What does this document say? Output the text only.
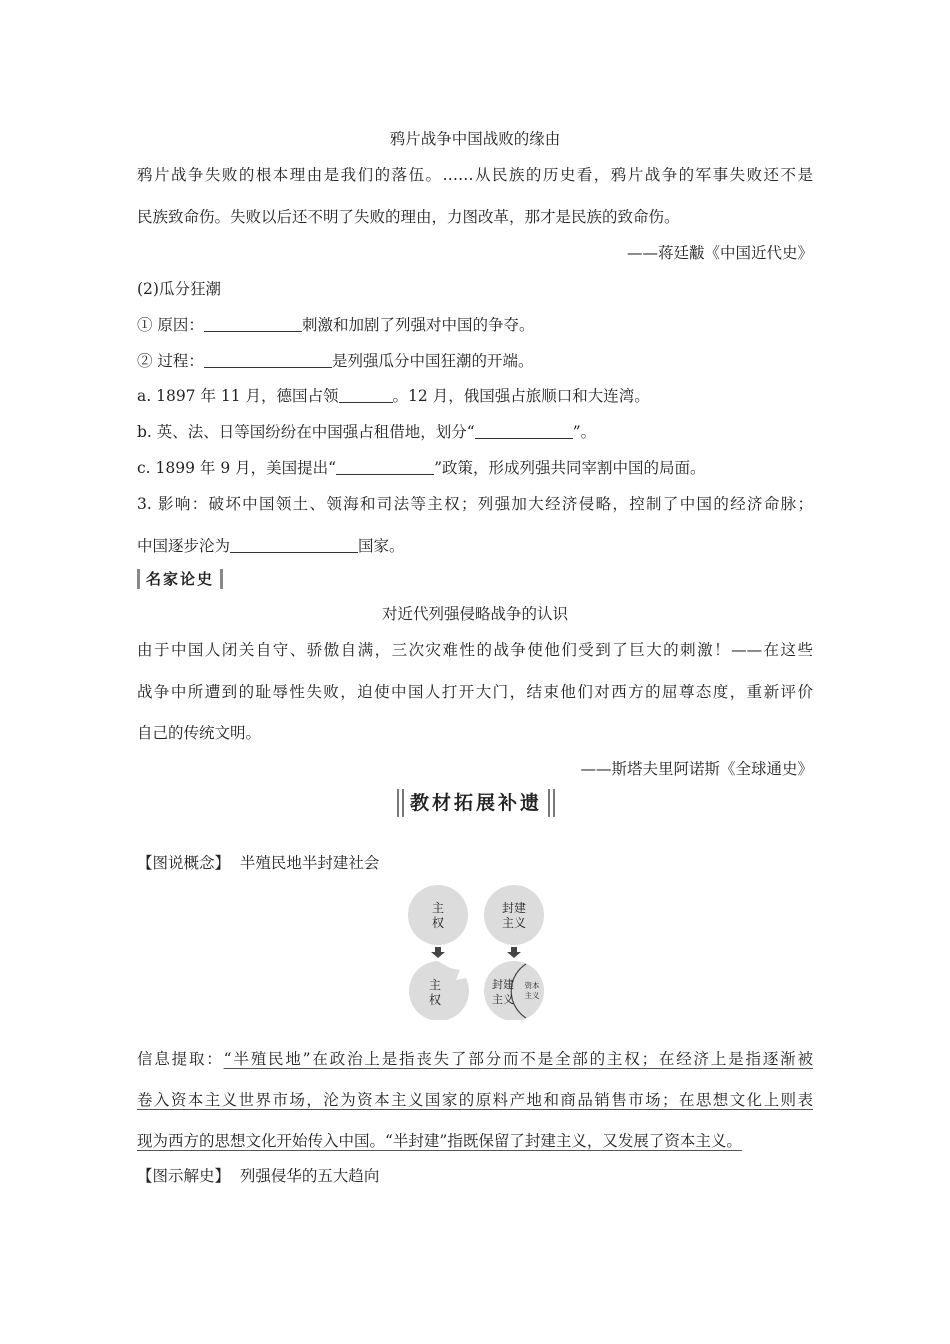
鸦片战争中国战败的缘由
鸦片战争失败的根本理由是我们的落伍。……从民族的历史看，鸦片战争的军事失败还不是
民族致命伤。失败以后还不明了失败的理由，力图改革，那才是民族的致命伤。
——蒋廷黻《中国近代史》
(2)瓜分狂潮
① 原因：	刺激和加剧了列强对中国的争夺。
② 过程：	是列强瓜分中国狂潮的开端。
a. 1897 年 11 月，德国占领	。12 月，俄国强占旅顺口和大连湾。
b. 英、法、日等国纷纷在中国强占租借地，划分“	”。
c. 1899 年 9 月，美国提出“	”政策，形成列强共同宰割中国的局面。
3. 影响：破坏中国领土、领海和司法等主权；列强加大经济侵略，控制了中国的经济命脉；
中国逐步沦为	国家。
名家论史
对近代列强侵略战争的认识
由于中国人闭关自守、骄傲自满，三次灾难性的战争使他们受到了巨大的刺激！——在这些
战争中所遭到的耻辱性失败，迫使中国人打开大门，结束他们对西方的屈尊态度，重新评价
自己的传统文明。
——斯塔夫里阿诺斯《全球通史》
教材拓展补遗
【图说概念】 半殖民地半封建社会
主
权
封建
主义
主
权
封建
主义
资本
主义
信息提取：“半殖民地”在政治上是指丧失了部分而不是全部的主权；在经济上是指逐渐被
卷入资本主义世界市场，沦为资本主义国家的原料产地和商品销售市场；在思想文化上则表
现为西方的思想文化开始传入中国。“半封建”指既保留了封建主义，又发展了资本主义。
【图示解史】 列强侵华的五大趋向
